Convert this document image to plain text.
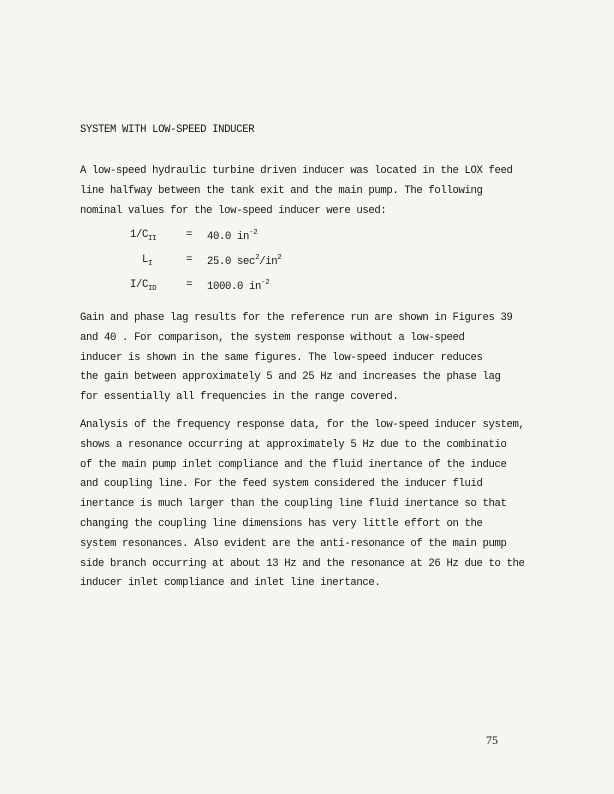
SYSTEM WITH LOW-SPEED INDUCER
A low-speed hydraulic turbine driven inducer was located in the LOX feed
line halfway between the tank exit and the main pump. The following
nominal values for the low-speed inducer were used:
$1/C_{II}$	= 40.0 $in^{-2}$
$L_I$	= 25.0 $\sec^2/in^2$
$I/C_{ID}$	= 1000.0 $in^{-2}$
Gain and phase lag results for the reference run are shown in Figures 39
and 40 . For comparison, the system response without a low-speed
inducer is shown in the same figures. The low-speed inducer reduces
the gain between approximately 5 and 25 Hz and increases the phase lag
for essentially all frequencies in the range covered.
Analysis of the frequency response data, for the low-speed inducer system,
shows a resonance occurring at approximately 5 Hz due to the combinatio
of the main pump inlet compliance and the fluid inertance of the induce
and coupling line. For the feed system considered the inducer fluid
inertance is much larger than the coupling line fluid inertance so that
changing the coupling line dimensions has very little effort on the
system resonances. Also evident are the anti-resonance of the main pump
side branch occurring at about 13 Hz and the resonance at 26 Hz due to the
inducer inlet compliance and inlet line inertance.
75
